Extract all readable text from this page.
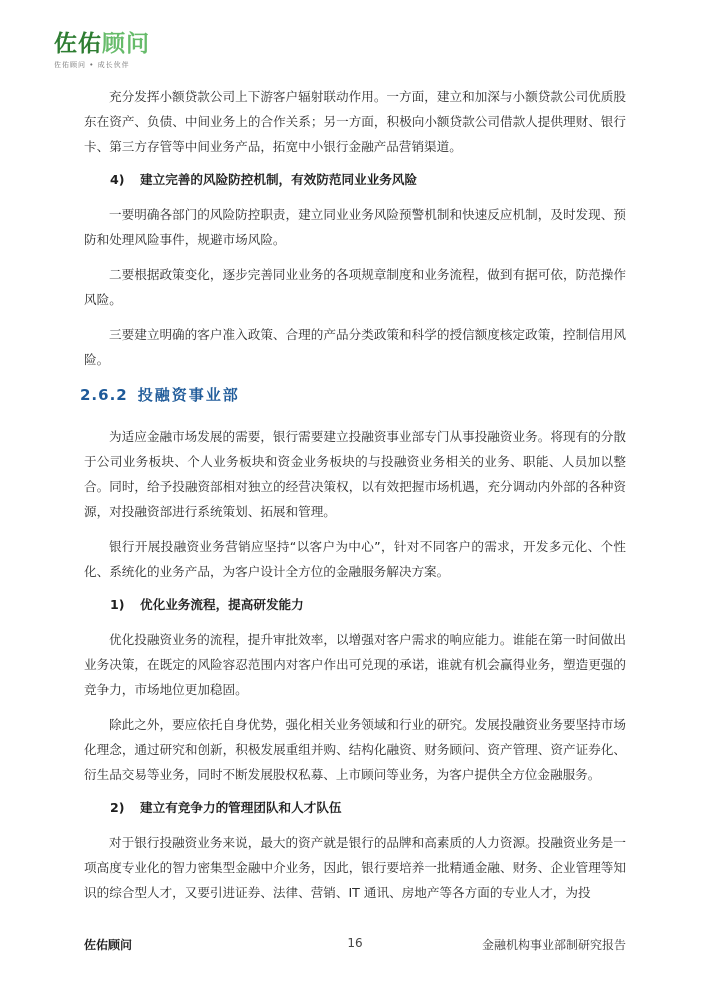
佐佑顾问
佐佑顾问 • 成长伙伴

充分发挥小额贷款公司上下游客户辐射联动作用。一方面，建立和加深与小额贷款公司优质股东在资产、负债、中间业务上的合作关系；另一方面，积极向小额贷款公司借款人提供理财、银行卡、第三方存管等中间业务产品，拓宽中小银行金融产品营销渠道。

4) 建立完善的风险防控机制，有效防范同业业务风险

一要明确各部门的风险防控职责，建立同业业务风险预警机制和快速反应机制，及时发现、预防和处理风险事件，规避市场风险。

二要根据政策变化，逐步完善同业业务的各项规章制度和业务流程，做到有据可依，防范操作风险。

三要建立明确的客户准入政策、合理的产品分类政策和科学的授信额度核定政策，控制信用风险。

2.6.2 投融资事业部

为适应金融市场发展的需要，银行需要建立投融资事业部专门从事投融资业务。将现有的分散于公司业务板块、个人业务板块和资金业务板块的与投融资业务相关的业务、职能、人员加以整合。同时，给予投融资部相对独立的经营决策权，以有效把握市场机遇，充分调动内外部的各种资源，对投融资部进行系统策划、拓展和管理。

银行开展投融资业务营销应坚持“以客户为中心”，针对不同客户的需求，开发多元化、个性化、系统化的业务产品，为客户设计全方位的金融服务解决方案。

1) 优化业务流程，提高研发能力

优化投融资业务的流程，提升审批效率，以增强对客户需求的响应能力。谁能在第一时间做出业务决策，在既定的风险容忍范围内对客户作出可兑现的承诺，谁就有机会赢得业务，塑造更强的竞争力，市场地位更加稳固。

除此之外，要应依托自身优势，强化相关业务领域和行业的研究。发展投融资业务要坚持市场化理念，通过研究和创新，积极发展重组并购、结构化融资、财务顾问、资产管理、资产证券化、衍生品交易等业务，同时不断发展股权私募、上市顾问等业务，为客户提供全方位金融服务。

2) 建立有竞争力的管理团队和人才队伍

对于银行投融资业务来说，最大的资产就是银行的品牌和高素质的人力资源。投融资业务是一项高度专业化的智力密集型金融中介业务，因此，银行要培养一批精通金融、财务、企业管理等知识的综合型人才，又要引进证券、法律、营销、IT 通讯、房地产等各方面的专业人才，为投

佐佑顾问	16	金融机构事业部制研究报告
